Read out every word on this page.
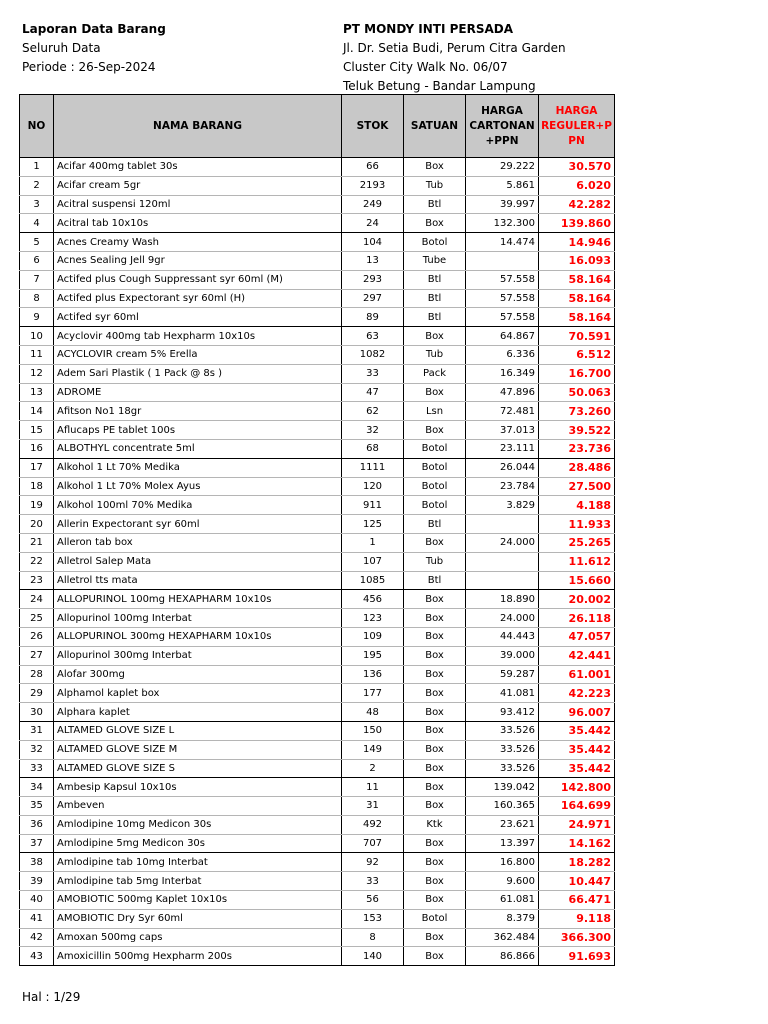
Laporan Data Barang
Seluruh Data
Periode : 26-Sep-2024
PT MONDY INTI PERSADA
Jl. Dr. Setia Budi, Perum Citra Garden
Cluster City Walk No. 06/07
Teluk Betung - Bandar Lampung
NO	NAMA BARANG	STOK	SATUAN	HARGA CARTONAN +PPN	HARGA REGULER+P PN
1	Acifar 400mg tablet 30s	66	Box	29.222	30.570
2	Acifar cream 5gr	2193	Tub	5.861	6.020
3	Acitral suspensi 120ml	249	Btl	39.997	42.282
4	Acitral tab 10x10s	24	Box	132.300	139.860
5	Acnes Creamy Wash	104	Botol	14.474	14.946
6	Acnes Sealing Jell 9gr	13	Tube		16.093
7	Actifed plus Cough Suppressant syr 60ml (M)	293	Btl	57.558	58.164
8	Actifed plus Expectorant syr 60ml (H)	297	Btl	57.558	58.164
9	Actifed syr 60ml	89	Btl	57.558	58.164
10	Acyclovir 400mg tab Hexpharm 10x10s	63	Box	64.867	70.591
11	ACYCLOVIR cream 5% Erella	1082	Tub	6.336	6.512
12	Adem Sari Plastik ( 1 Pack @ 8s )	33	Pack	16.349	16.700
13	ADROME	47	Box	47.896	50.063
14	Afitson No1 18gr	62	Lsn	72.481	73.260
15	Aflucaps PE tablet 100s	32	Box	37.013	39.522
16	ALBOTHYL concentrate 5ml	68	Botol	23.111	23.736
17	Alkohol 1 Lt 70% Medika	1111	Botol	26.044	28.486
18	Alkohol 1 Lt 70% Molex Ayus	120	Botol	23.784	27.500
19	Alkohol 100ml 70% Medika	911	Botol	3.829	4.188
20	Allerin Expectorant syr 60ml	125	Btl		11.933
21	Alleron tab box	1	Box	24.000	25.265
22	Alletrol Salep Mata	107	Tub		11.612
23	Alletrol tts mata	1085	Btl		15.660
24	ALLOPURINOL 100mg HEXAPHARM 10x10s	456	Box	18.890	20.002
25	Allopurinol 100mg Interbat	123	Box	24.000	26.118
26	ALLOPURINOL 300mg HEXAPHARM 10x10s	109	Box	44.443	47.057
27	Allopurinol 300mg Interbat	195	Box	39.000	42.441
28	Alofar 300mg	136	Box	59.287	61.001
29	Alphamol kaplet box	177	Box	41.081	42.223
30	Alphara kaplet	48	Box	93.412	96.007
31	ALTAMED GLOVE SIZE L	150	Box	33.526	35.442
32	ALTAMED GLOVE SIZE M	149	Box	33.526	35.442
33	ALTAMED GLOVE SIZE S	2	Box	33.526	35.442
34	Ambesip Kapsul 10x10s	11	Box	139.042	142.800
35	Ambeven	31	Box	160.365	164.699
36	Amlodipine 10mg Medicon 30s	492	Ktk	23.621	24.971
37	Amlodipine 5mg Medicon 30s	707	Box	13.397	14.162
38	Amlodipine tab 10mg Interbat	92	Box	16.800	18.282
39	Amlodipine tab 5mg Interbat	33	Box	9.600	10.447
40	AMOBIOTIC 500mg Kaplet 10x10s	56	Box	61.081	66.471
41	AMOBIOTIC Dry Syr 60ml	153	Botol	8.379	9.118
42	Amoxan 500mg caps	8	Box	362.484	366.300
43	Amoxicillin 500mg Hexpharm 200s	140	Box	86.866	91.693
Hal : 1/29
